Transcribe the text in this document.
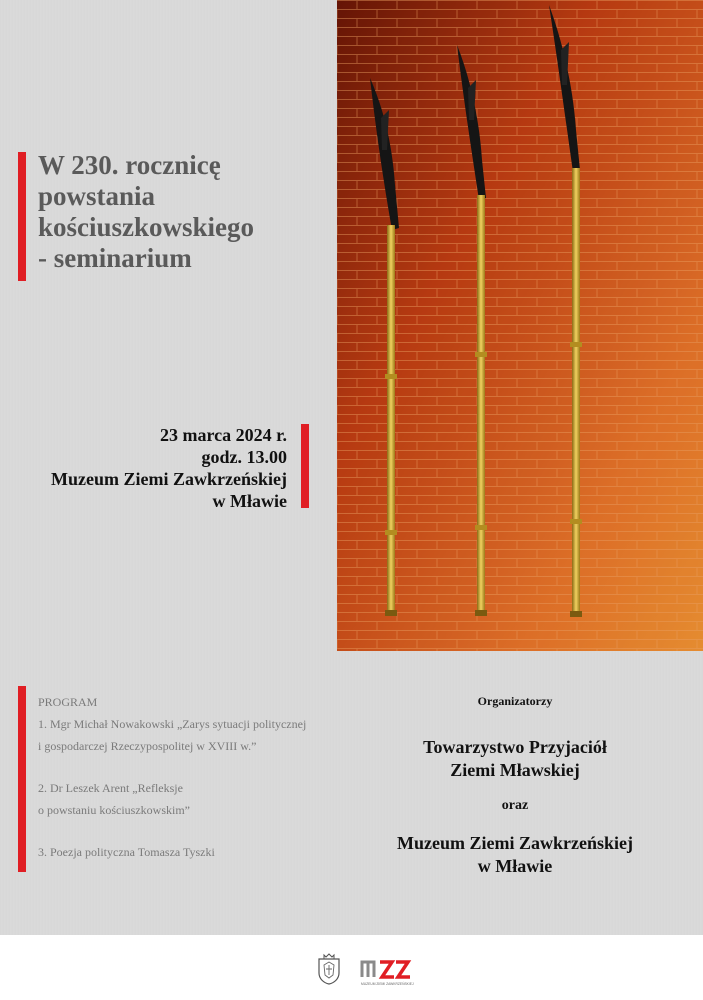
W 230. rocznicę
powstania
kościuszkowskiego
- seminarium
23 marca 2024 r.
godz. 13.00
Muzeum Ziemi Zawkrzeńskiej
w Mławie
PROGRAM
1. Mgr Michał Nowakowski „Zarys sytuacji politycznej
i gospodarczej Rzeczypospolitej w XVIII w.”
2. Dr Leszek Arent „Refleksje
o powstaniu kościuszkowskim”
3. Poezja polityczna Tomasza Tyszki
Organizatorzy
Towarzystwo Przyjaciół
Ziemi Mławskiej
oraz
Muzeum Ziemi Zawkrzeńskiej
w Mławie
MUZEUM ZIEMI ZAWKRZEŃSKIEJ
